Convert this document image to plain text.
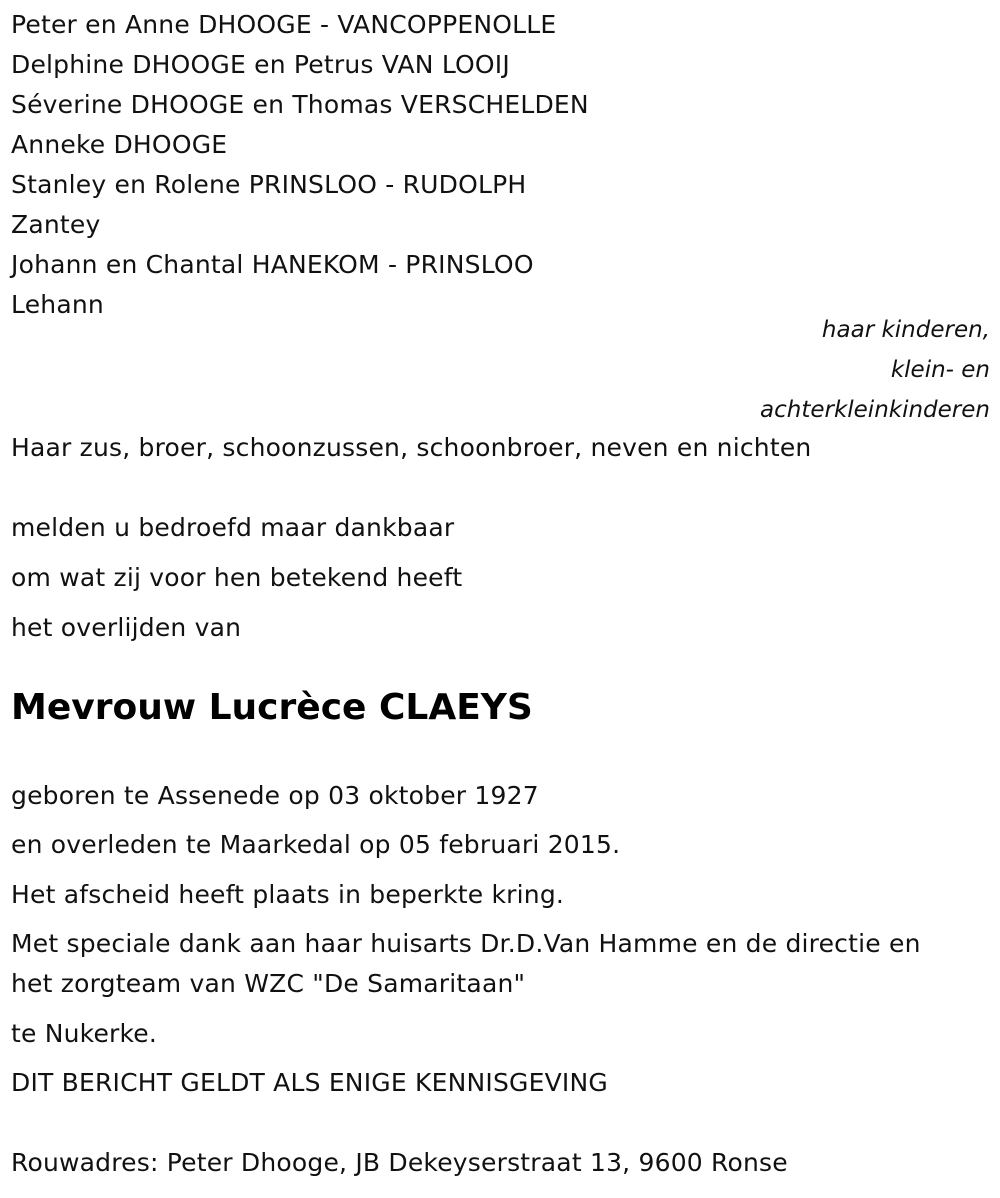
Peter en Anne DHOOGE - VANCOPPENOLLE
Delphine DHOOGE en Petrus VAN LOOIJ
Séverine DHOOGE en Thomas VERSCHELDEN
Anneke DHOOGE
Stanley en Rolene PRINSLOO - RUDOLPH
Zantey
Johann en Chantal HANEKOM - PRINSLOO
Lehann
haar kinderen,
klein- en
achterkleinkinderen
Haar zus, broer, schoonzussen, schoonbroer, neven en nichten
melden u bedroefd maar dankbaar
om wat zij voor hen betekend heeft
het overlijden van
Mevrouw Lucrèce CLAEYS
geboren te Assenede op 03 oktober 1927
en overleden te Maarkedal op 05 februari 2015.
Het afscheid heeft plaats in beperkte kring.
Met speciale dank aan haar huisarts Dr.D.Van Hamme en de directie en
het zorgteam van WZC "De Samaritaan"
te Nukerke.
DIT BERICHT GELDT ALS ENIGE KENNISGEVING
Rouwadres: Peter Dhooge, JB Dekeyserstraat 13, 9600 Ronse
